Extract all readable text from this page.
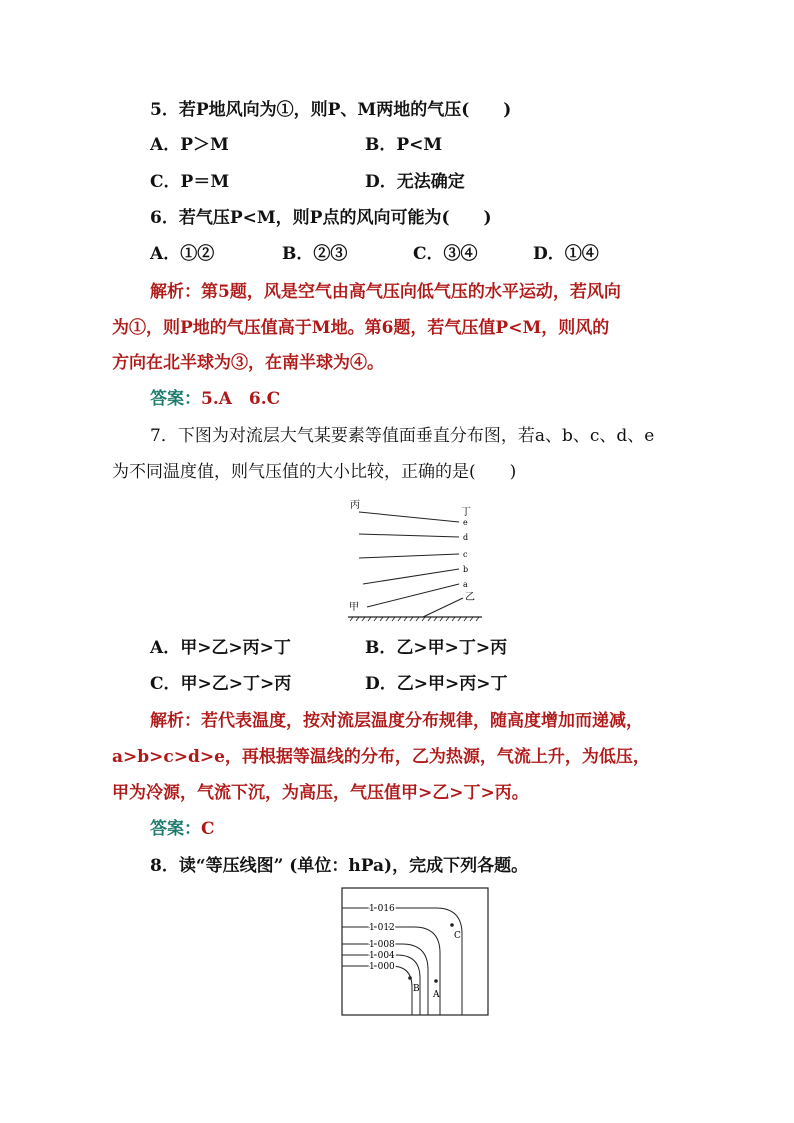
5．若P地风向为①，则P、M两地的气压(　　)
A．P＞M	B．P<M
C．P＝M	D．无法确定
6．若气压P<M，则P点的风向可能为(　　)
A．①②	B．②③	C．③④	D．①④
解析：第5题，风是空气由高气压向低气压的水平运动，若风向
为①，则P地的气压值高于M地。第6题，若气压值P<M，则风的
方向在北半球为③，在南半球为④。
答案：5.A　6.C
7．下图为对流层大气某要素等值面垂直分布图，若a、b、c、d、e
为不同温度值，则气压值的大小比较，正确的是(　　)
丙
丁
甲
乙
e
d
c
b
a
A．甲>乙>丙>丁	B．乙>甲>丁>丙
C．甲>乙>丁>丙	D．乙>甲>丙>丁
解析：若代表温度，按对流层温度分布规律，随高度增加而递减，
a>b>c>d>e，再根据等温线的分布，乙为热源，气流上升，为低压，
甲为冷源，气流下沉，为高压，气压值甲>乙>丁>丙。
答案：C
8．读“等压线图” (单位：hPa)，完成下列各题。
1 016
1 012
1 008
1 004
1 000
C
B
A
